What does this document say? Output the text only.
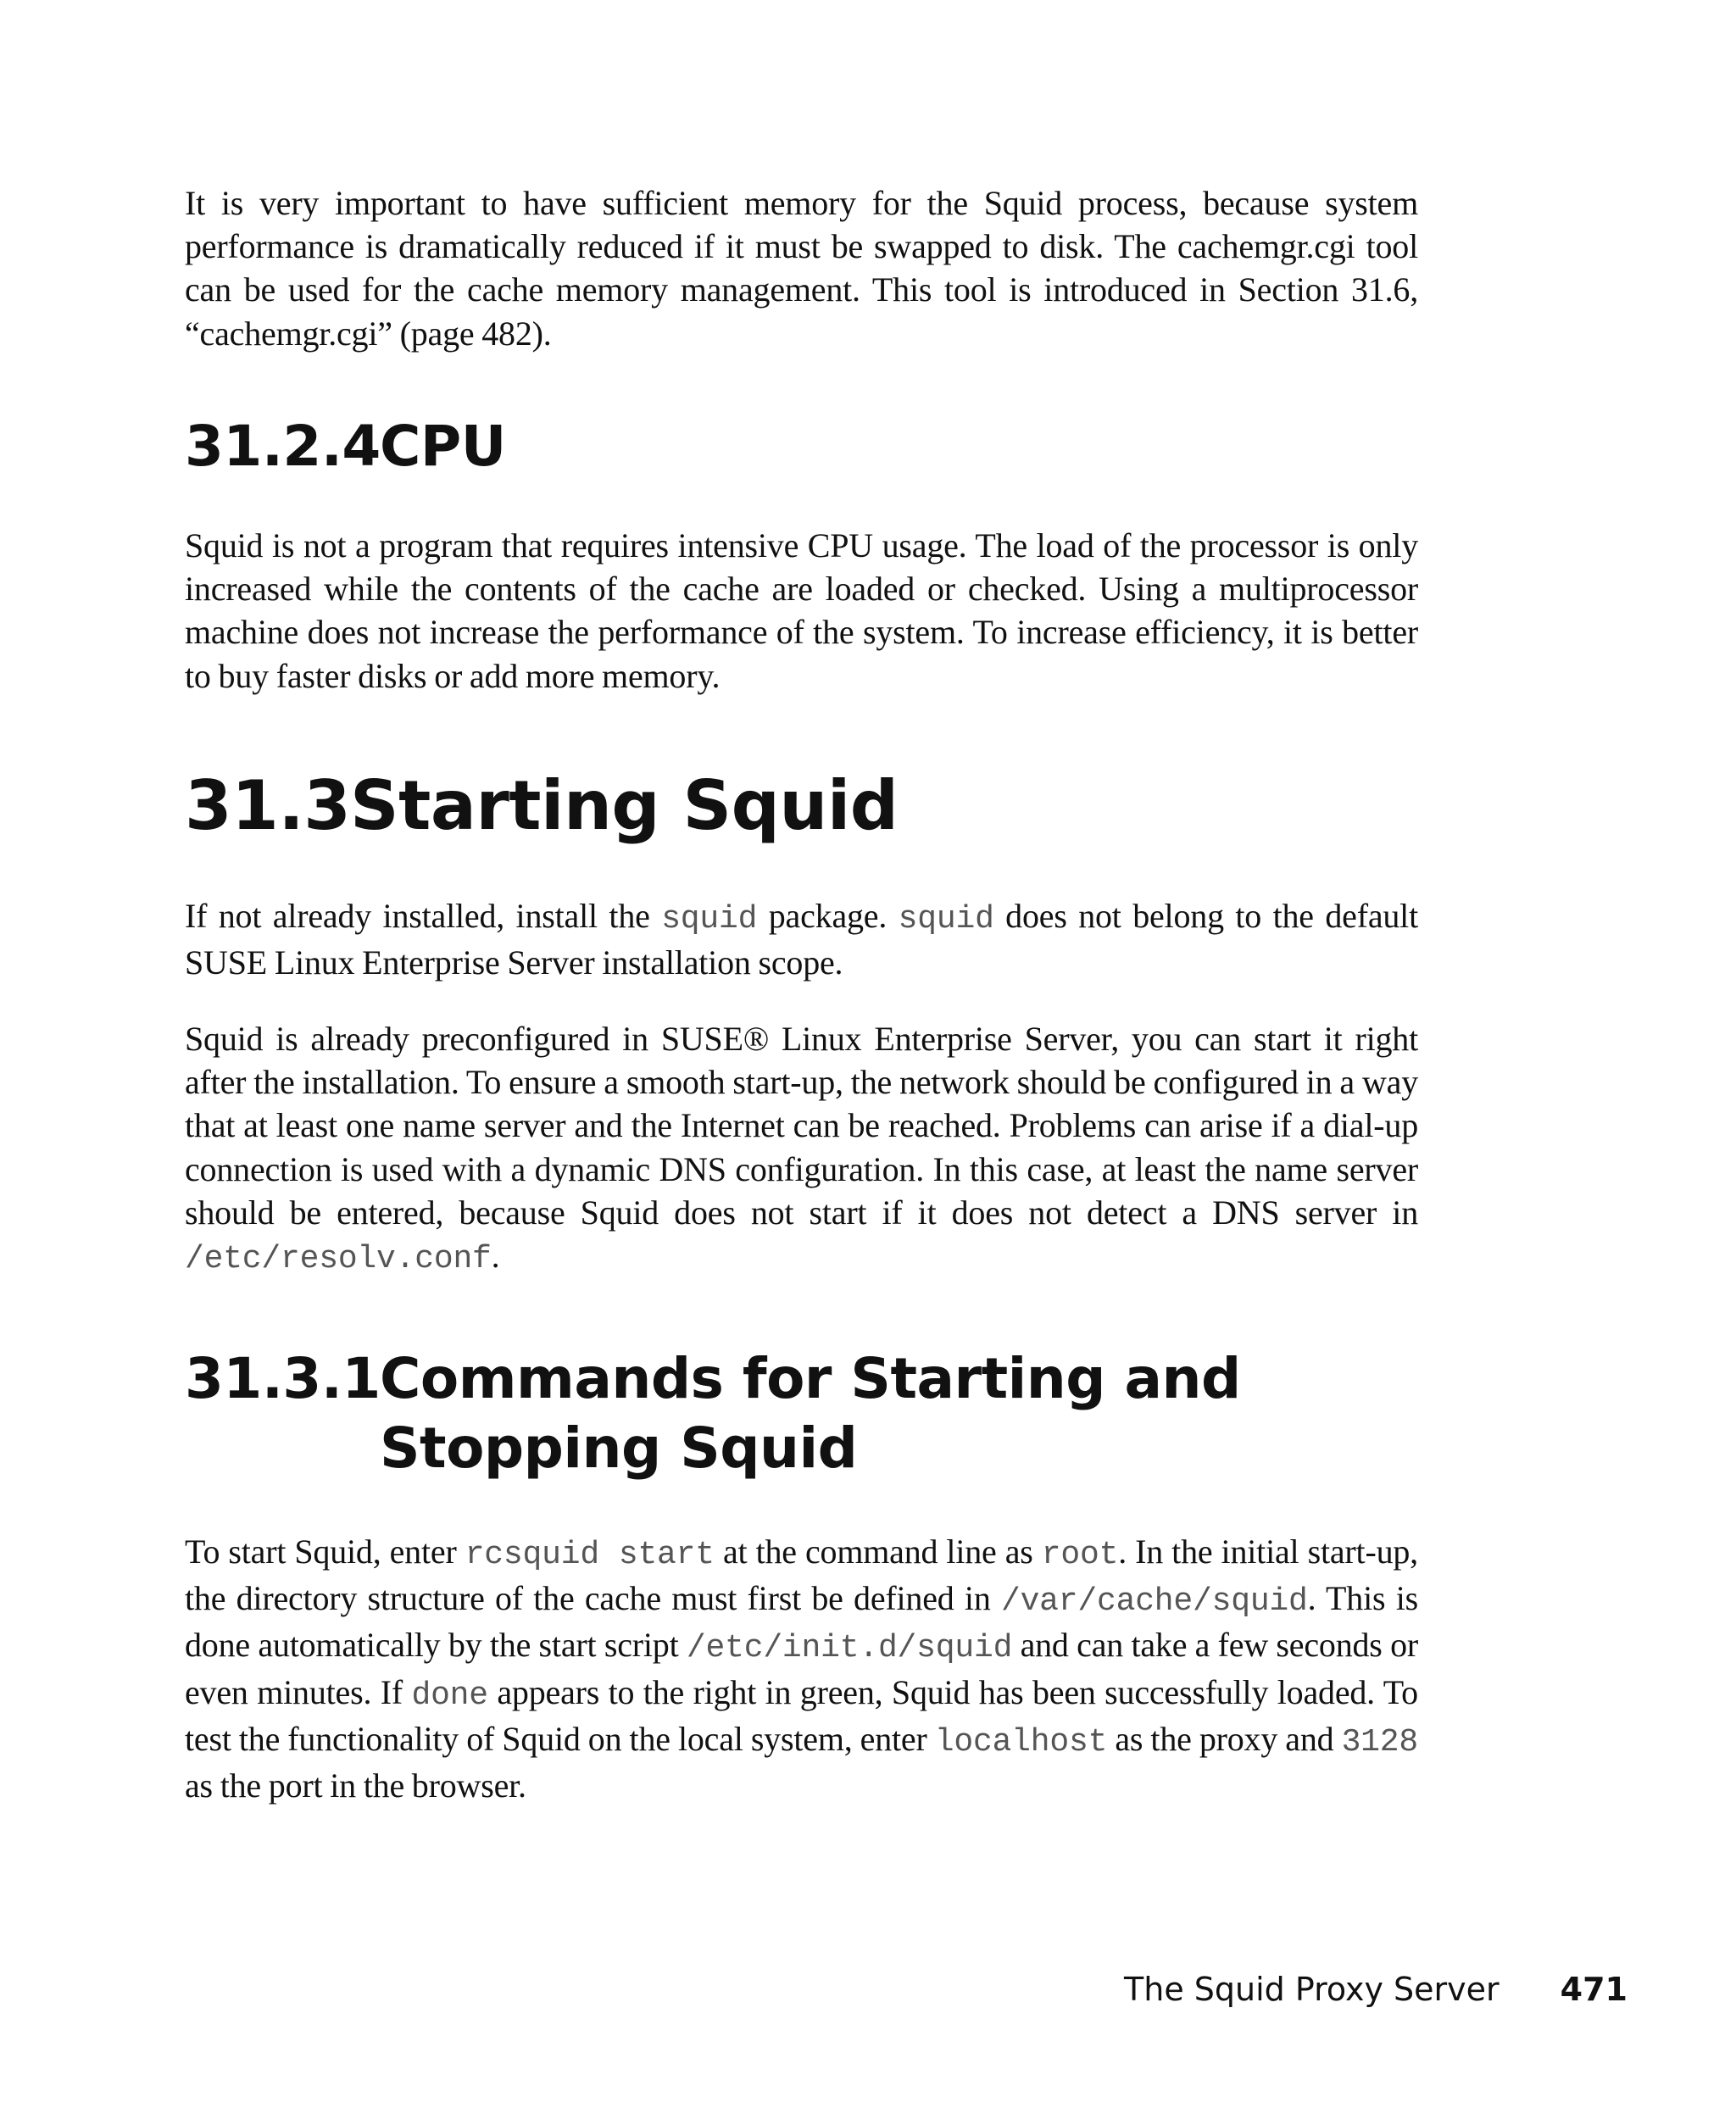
It is very important to have sufficient memory for the Squid process, because system performance is dramatically reduced if it must be swapped to disk. The cachemgr.cgi tool can be used for the cache memory management. This tool is introduced in Section 31.6, “cachemgr.cgi” (page 482).

31.2.4 CPU

Squid is not a program that requires intensive CPU usage. The load of the processor is only increased while the contents of the cache are loaded or checked. Using a multiprocessor machine does not increase the performance of the system. To increase efficiency, it is better to buy faster disks or add more memory.

31.3 Starting Squid

If not already installed, install the squid package. squid does not belong to the default SUSE Linux Enterprise Server installation scope.

Squid is already preconfigured in SUSE® Linux Enterprise Server, you can start it right after the installation. To ensure a smooth start-up, the network should be configured in a way that at least one name server and the Internet can be reached. Problems can arise if a dial-up connection is used with a dynamic DNS configuration. In this case, at least the name server should be entered, because Squid does not start if it does not detect a DNS server in /etc/resolv.conf.

31.3.1 Commands for Starting and Stopping Squid

To start Squid, enter rcsquid start at the command line as root. In the initial start-up, the directory structure of the cache must first be defined in /var/cache/squid. This is done automatically by the start script /etc/init.d/squid and can take a few seconds or even minutes. If done appears to the right in green, Squid has been successfully loaded. To test the functionality of Squid on the local system, enter localhost as the proxy and 3128 as the port in the browser.

The Squid Proxy Server 471
